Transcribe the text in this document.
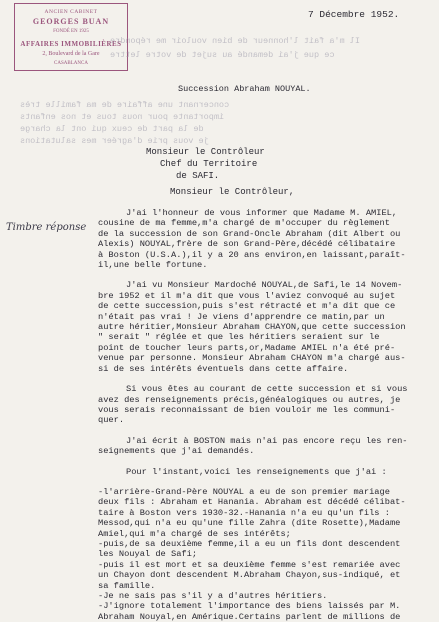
ANCIEN CABINET
GEORGES BUAN
FONDÉ EN 1925
AFFAIRES IMMOBILIÈRES
2, Boulevard de la Gare
CASABLANCA
7 Décembre 1952.
Il m'a fait l'honneur de bien vouloir me répondre
ce que j'ai demandé au sujet de votre lettre
concernant une affaire de ma famille très
importante pour nous tous et nos enfants
de la part de ceux qui ont la charge
je vous prie d'agréer mes salutations
Succession Abraham NOUYAL.
Monsieur le Contrôleur
Chef du Territoire
de SAFI.
Monsieur le Contrôleur,
Timbre réponse

J'ai l'honneur de vous informer que Madame M. AMIEL,

cousine de ma femme,m'a chargé de m'occuper du règlement

de la succession de son Grand-Oncle Abraham (dit Albert ou

Alexis) NOUYAL,frère de son Grand-Père,décédé célibataire

à Boston (U.S.A.),il y a 20 ans environ,en laissant,paraît-

il,une belle fortune.

J'ai vu Monsieur Mardoché NOUYAL,de Safi,le 14 Novem-

bre 1952 et il m'a dit que vous l'aviez convoqué au sujet

de cette succession,puis s'est rétracté et m'a dit que ce

n'était pas vrai ! Je viens d'apprendre ce matin,par un

autre héritier,Monsieur Abraham CHAYON,que cette succession

" serait " réglée et que les héritiers seraient sur le

point de toucher leurs parts,or,Madame AMIEL n'a été pré-

venue par personne. Monsieur Abraham CHAYON m'a chargé aus-

si de ses intérêts éventuels dans cette affaire.

Si vous êtes au courant de cette succession et si vous

avez des renseignements précis,généalogiques ou autres, je

vous serais reconnaissant de bien vouloir me les communi-

quer.

J'ai écrit à BOSTON mais n'ai pas encore reçu les ren-

seignements que j'ai demandés.

Pour l'instant,voici les renseignements que j'ai :

-l'arrière-Grand-Père NOUYAL a eu de son premier mariage

deux fils : Abraham et Hanania. Abraham est décédé célibat-

taire à Boston vers 1930-32.-Hanania n'a eu qu'un fils :

Messod,qui n'a eu qu'une fille Zahra (dite Rosette),Madame

Amiel,qui m'a chargé de ses intérêts;

-puis,de sa deuxième femme,il a eu un fils dont descendent

les Nouyal de Safi;

-puis il est mort et sa deuxième femme s'est remariée avec

un Chayon dont descendent M.Abraham Chayon,sus-indiqué, et

sa famille.

-Je ne sais pas s'il y a d'autres héritiers.

-J'ignore totalement l'importance des biens laissés par M.

Abraham Nouyal,en Amérique.Certains parlent de millions de
